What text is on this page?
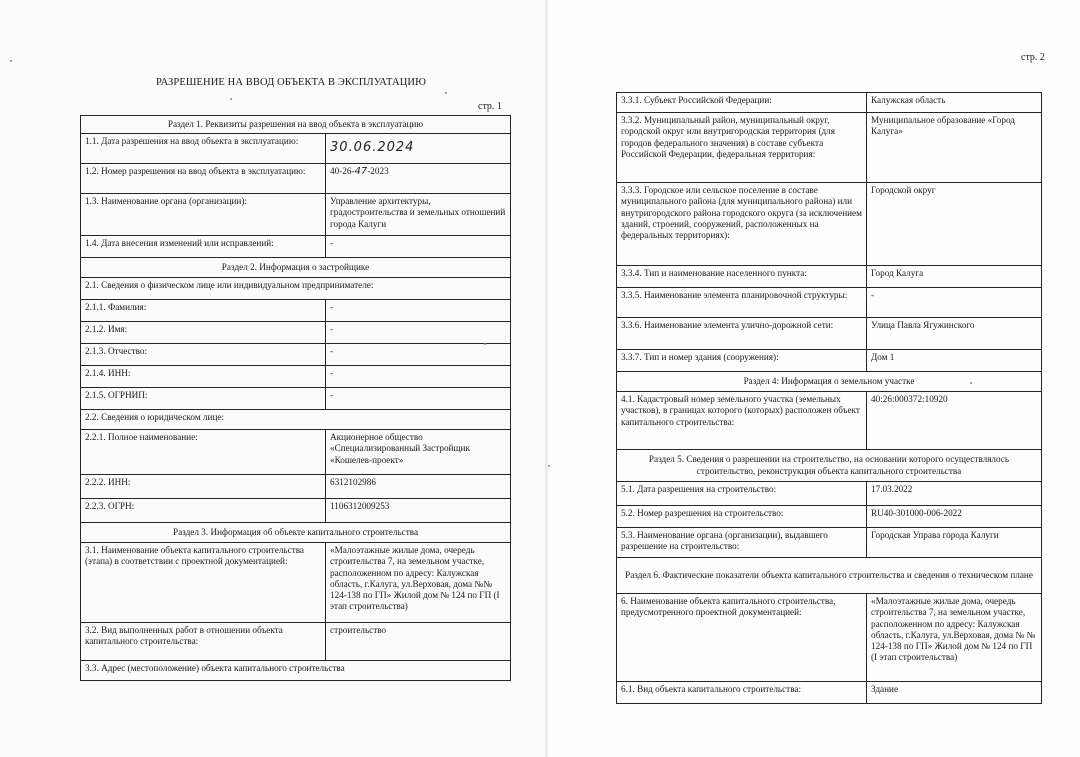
РАЗРЕШЕНИЕ НА ВВОД ОБЪЕКТА В ЭКСПЛУАТАЦИЮ
стр. 1
стр. 2
Раздел 1. Реквизиты разрешения на ввод объекта в эксплуатацию	
1.1. Дата разрешения на ввод объекта в эксплуатацию:	30.06.2024
1.2. Номер разрешения на ввод объекта в эксплуатацию:	40-26-47-2023
1.3. Наименование органа (организации):	Управление архитектуры, градостроительства и земельных отношений города Калуги
1.4. Дата внесения изменений или исправлений:	-
Раздел 2. Информация о застройщике	
2.1. Сведения о физическом лице или индивидуальном предпринимателе:	
2.1.1. Фамилия:	-
2.1.2. Имя:	-
2.1.3. Отчество:	-
2.1.4. ИНН:	-
2.1.5. ОГРНИП:	-
2.2. Сведения о юридическом лице:	
2.2.1. Полное наименование:	Акционерное общество «Специализированный Застройщик «Кошелев-проект»
2.2.2. ИНН:	6312102986
2.2.3. ОГРН:	1106312009253
Раздел 3. Информация об объекте капитального строительства	
3.1. Наименование объекта капитального строительства (этапа) в соответствии с проектной документацией:	«Малоэтажные жилые дома, очередь строительства 7, на земельном участке, расположенном по адресу: Калужская область, г.Калуга, ул.Верховая, дома №№ 124-138 по ГП» Жилой дом № 124 по ГП (I этап строительства)
3.2. Вид выполненных работ в отношении объекта капитального строительства:	строительство
3.3. Адрес (местоположение) объекта капитального строительства	
3.3.1. Субъект Российской Федерации:	Калужская область
3.3.2. Муниципальный район, муниципальный округ, городской округ или внутригородская территория (для городов федерального значения) в составе субъекта Российской Федерации, федеральная территория:	Муниципальное образование «Город Калуга»
3.3.3. Городское или сельское поселение в составе муниципального района (для муниципального района) или внутригородского района городского округа (за исключением зданий, строений, сооружений, расположенных на федеральных территориях):	Городской округ
3.3.4. Тип и наименование населенного пункта:	Город Калуга
3.3.5. Наименование элемента планировочной структуры:	-
3.3.6. Наименование элемента улично-дорожной сети:	Улица Павла Ягужинского
3.3.7. Тип и номер здания (сооружения):	Дом 1
Раздел 4: Информация о земельном участке	
4.1. Кадастровый номер земельного участка (земельных участков), в границах которого (которых) расположен объект капитального строительства:	40:26:000372:10920
Раздел 5. Сведения о разрешении на строительство, на основании которого осуществлялось строительство, реконструкция объекта капитального строительства	
5.1. Дата разрешения на строительство:	17.03.2022
5.2. Номер разрешения на строительство:	RU40-301000-006-2022
5.3. Наименование органа (организации), выдавшего разрешение на строительство:	Городская Управа города Калуги
Раздел 6. Фактические показатели объекта капитального строительства и сведения о техническом плане	
6. Наименование объекта капитального строительства, предусмотренного проектной документацией:	«Малоэтажные жилые дома, очередь строительства 7, на земельном участке, расположенном по адресу: Калужская область, г.Калуга, ул.Верховая, дома № № 124-138 по ГП» Жилой дом № 124 по ГП (I этап строительства)
6.1. Вид объекта капитального строительства:	Здание
